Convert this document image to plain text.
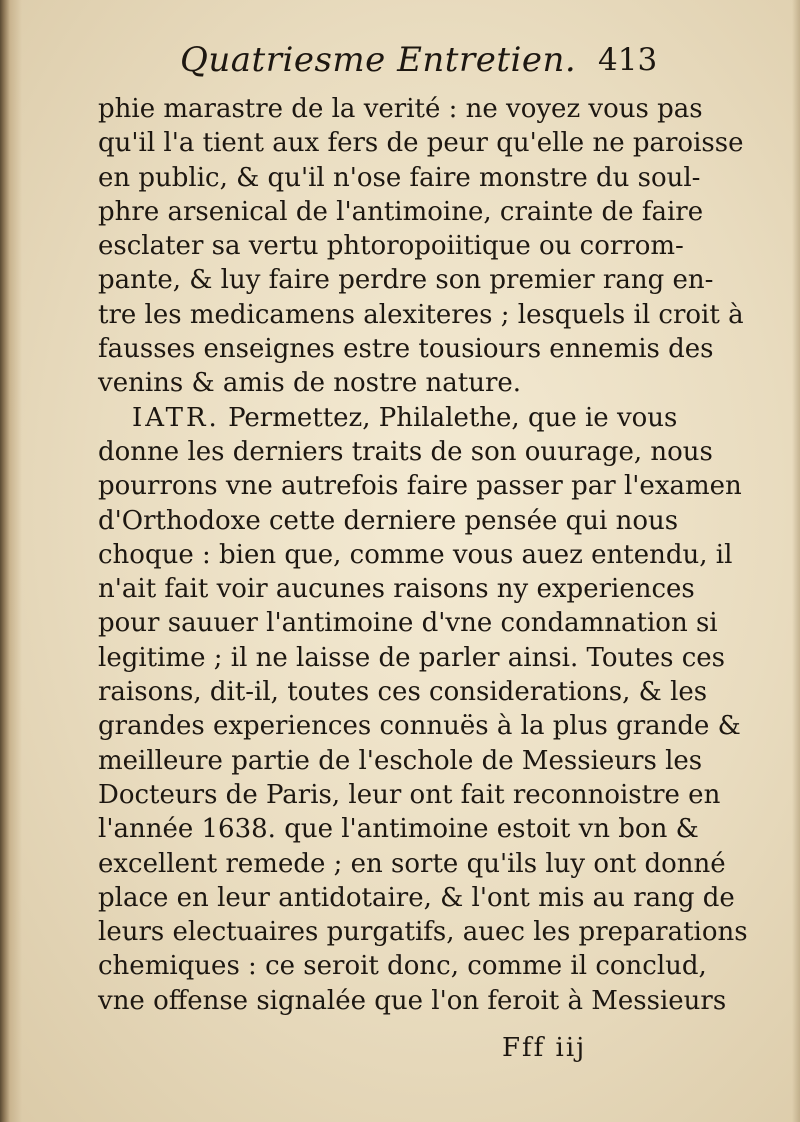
Quatriesme Entretien. 413
phie marastre de la verité : ne voyez vous pas
qu'il l'a tient aux fers de peur qu'elle ne paroisse
en public, & qu'il n'ose faire monstre du soul-
phre arsenical de l'antimoine, crainte de faire
esclater sa vertu phtoropoiitique ou corrom-
pante, & luy faire perdre son premier rang en-
tre les medicamens alexiteres ; lesquels il croit à
fausses enseignes estre tousiours ennemis des
venins & amis de nostre nature.
IATR. Permettez, Philalethe, que ie vous
donne les derniers traits de son ouurage, nous
pourrons vne autrefois faire passer par l'examen
d'Orthodoxe cette derniere pensée qui nous
choque : bien que, comme vous auez entendu, il
n'ait fait voir aucunes raisons ny experiences
pour sauuer l'antimoine d'vne condamnation si
legitime ; il ne laisse de parler ainsi. Toutes ces
raisons, dit-il, toutes ces considerations, & les
grandes experiences connuës à la plus grande &
meilleure partie de l'eschole de Messieurs les
Docteurs de Paris, leur ont fait reconnoistre en
l'année 1638. que l'antimoine estoit vn bon &
excellent remede ; en sorte qu'ils luy ont donné
place en leur antidotaire, & l'ont mis au rang de
leurs electuaires purgatifs, auec les preparations
chemiques : ce seroit donc, comme il conclud,
vne offense signalée que l'on feroit à Messieurs
Fff iij
